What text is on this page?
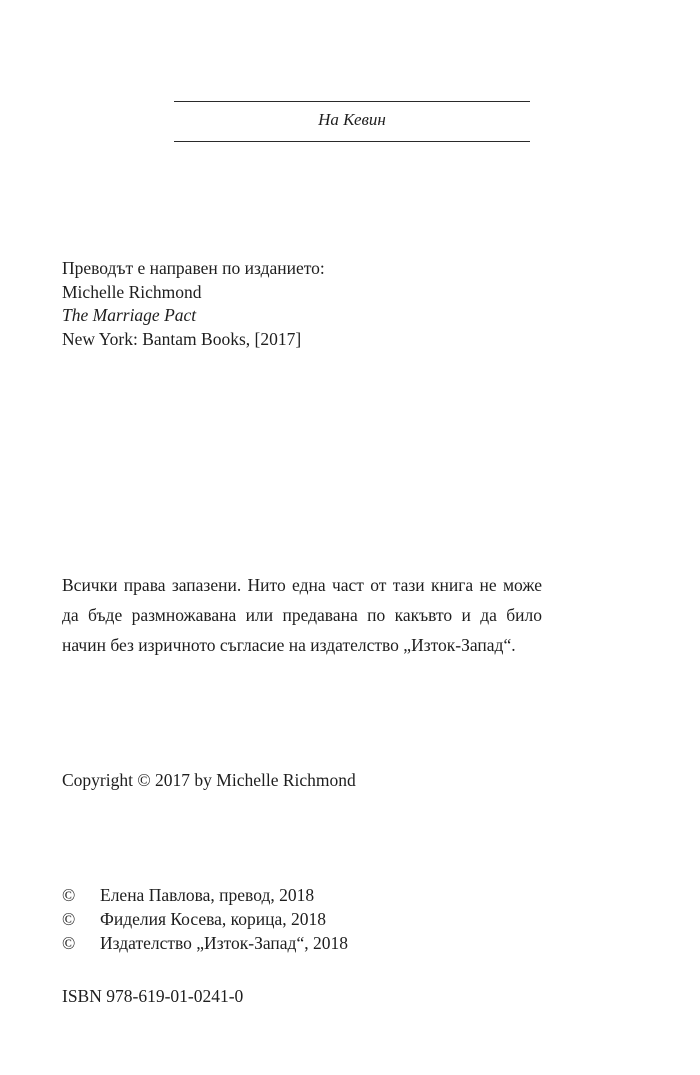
На Кевин

Преводът е направен по изданието:

Michelle Richmond

The Marriage Pact

New York: Bantam Books, [2017]

Всички права запазени. Нито една част от тази книга не може

да бъде размножавана или предавана по какъвто и да било

начин без изричното съгласие на издателство „Изток-Запад“.

Copyright © 2017 by Michelle Richmond

©	Елена Павлова, превод, 2018
©	Фиделия Косева, корица, 2018
©	Издателство „Изток-Запад“, 2018

ISBN 978-619-01-0241-0
